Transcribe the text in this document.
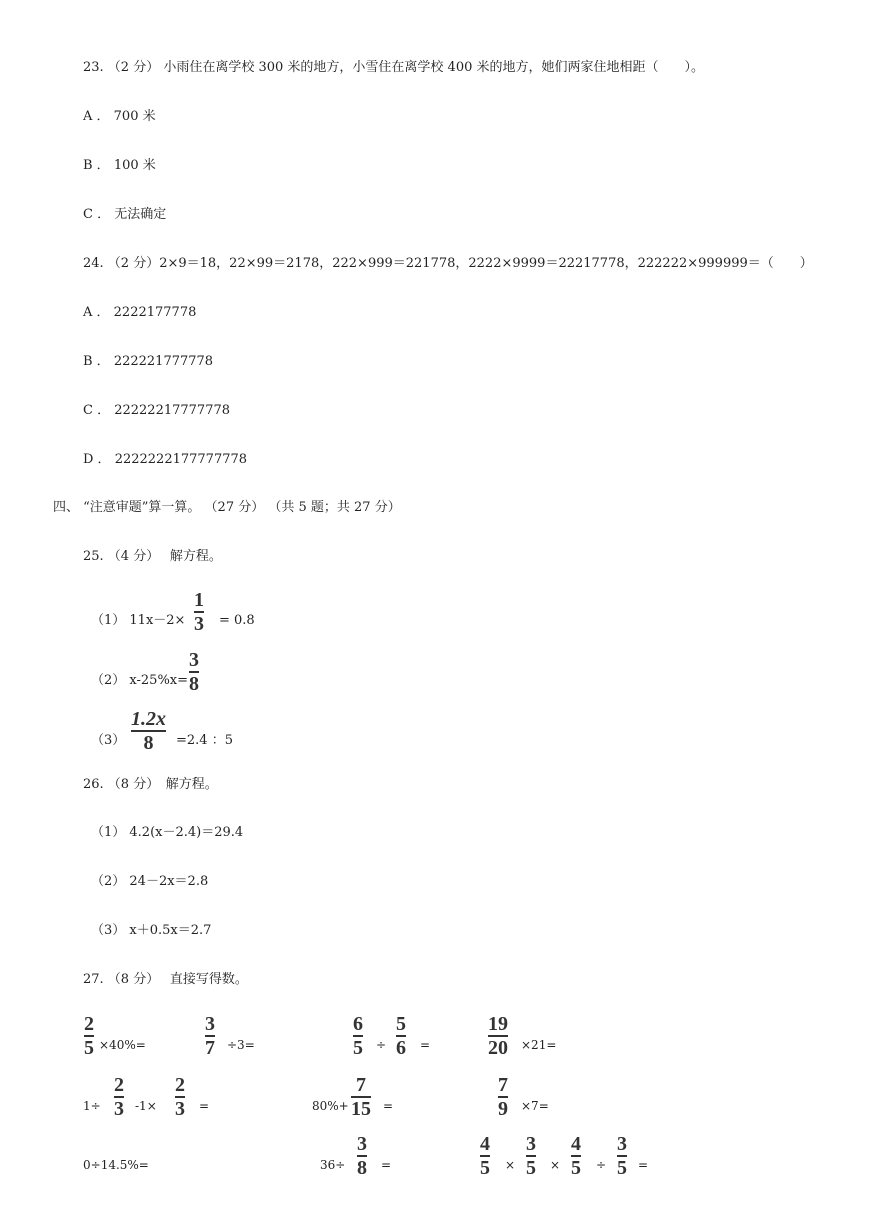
23. （2 分） 小雨住在离学校 300 米的地方，小雪住在离学校 400 米的地方，她们两家住地相距（　　）。
A ． 700 米
B ． 100 米
C ． 无法确定
24. （2 分）2×9＝18，22×99＝2178，222×999＝221778，2222×9999＝22217778，222222×999999＝（　　）
A ． 2222177778
B ． 222221777778
C ． 22222217777778
D ． 2222222177777778
四、 “注意审题”算一算。 （27 分） （共 5 题；共 27 分）
25. （4 分）　 解方程。
（1） 11x－2×
1
3 = 0.8
（2） x-25%x=
3
8
（3）
1.2x
8 =2.4 ：5
26. （8 分）　解方程。
（1） 4.2(x－2.4)＝29.4
（2） 24－2x＝2.8
（3） x＋0.5x＝2.7
27. （8 分）　 直接写得数。
2
5 ×40%=
3
7 ÷3=
6
5 ÷
5
6 =
19
20 ×21=
1÷
2
3 -1×
2
3 =	80%+
7
15 =
7
9 ×7=
0÷14.5%=	36÷
3
8 =
4
5 ×
3
5 ×
4
5 ÷
3
5 =
